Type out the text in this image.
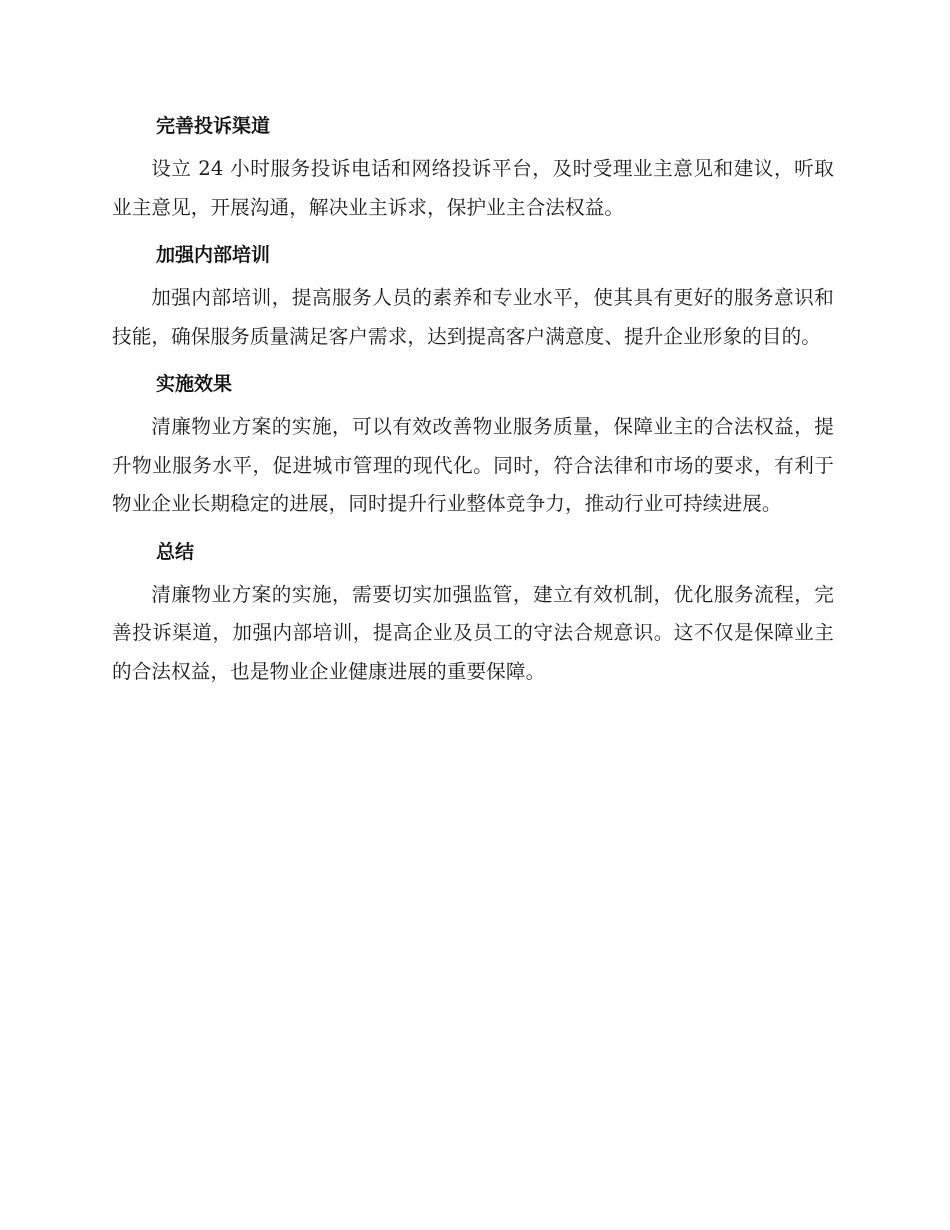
完善投诉渠道

设立 24 小时服务投诉电话和网络投诉平台，及时受理业主意见和建议，听取业主意见，开展沟通，解决业主诉求，保护业主合法权益。

加强内部培训

加强内部培训，提高服务人员的素养和专业水平，使其具有更好的服务意识和技能，确保服务质量满足客户需求，达到提高客户满意度、提升企业形象的目的。

实施效果

清廉物业方案的实施，可以有效改善物业服务质量，保障业主的合法权益，提升物业服务水平，促进城市管理的现代化。同时，符合法律和市场的要求，有利于物业企业长期稳定的进展，同时提升行业整体竞争力，推动行业可持续进展。

总结

清廉物业方案的实施，需要切实加强监管，建立有效机制，优化服务流程，完善投诉渠道，加强内部培训，提高企业及员工的守法合规意识。这不仅是保障业主的合法权益，也是物业企业健康进展的重要保障。
